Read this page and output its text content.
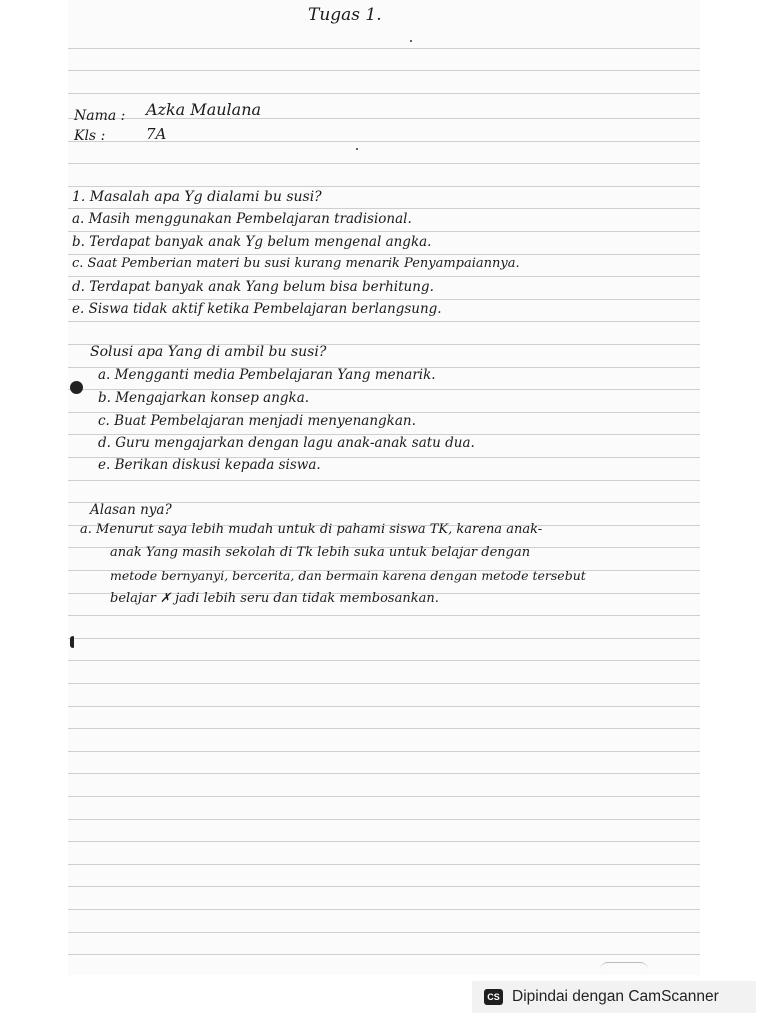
Tugas 1.
Nama : Azka Maulana
Kls :	7A
1. Masalah apa Yg dialami bu susi?
a. Masih menggunakan Pembelajaran tradisional.
b. Terdapat banyak anak Yg belum mengenal angka.
c. Saat Pemberian materi bu susi kurang menarik Penyampaiannya.
d. Terdapat banyak anak Yang belum bisa berhitung.
e. Siswa tidak aktif ketika Pembelajaran berlangsung.
Solusi apa Yang di ambil bu susi?
a. Mengganti media Pembelajaran Yang menarik.
b. Mengajarkan konsep angka.
c. Buat Pembelajaran menjadi menyenangkan.
d. Guru mengajarkan dengan lagu anak-anak satu dua.
e. Berikan diskusi kepada siswa.
Alasan nya?
a. Menurut saya lebih mudah untuk di pahami siswa TK, karena anak-
anak Yang masih sekolah di Tk lebih suka untuk belajar dengan
metode bernyanyi, bercerita, dan bermain karena dengan metode tersebut
belajar ✗ jadi lebih seru dan tidak membosankan.
CS Dipindai dengan CamScanner
